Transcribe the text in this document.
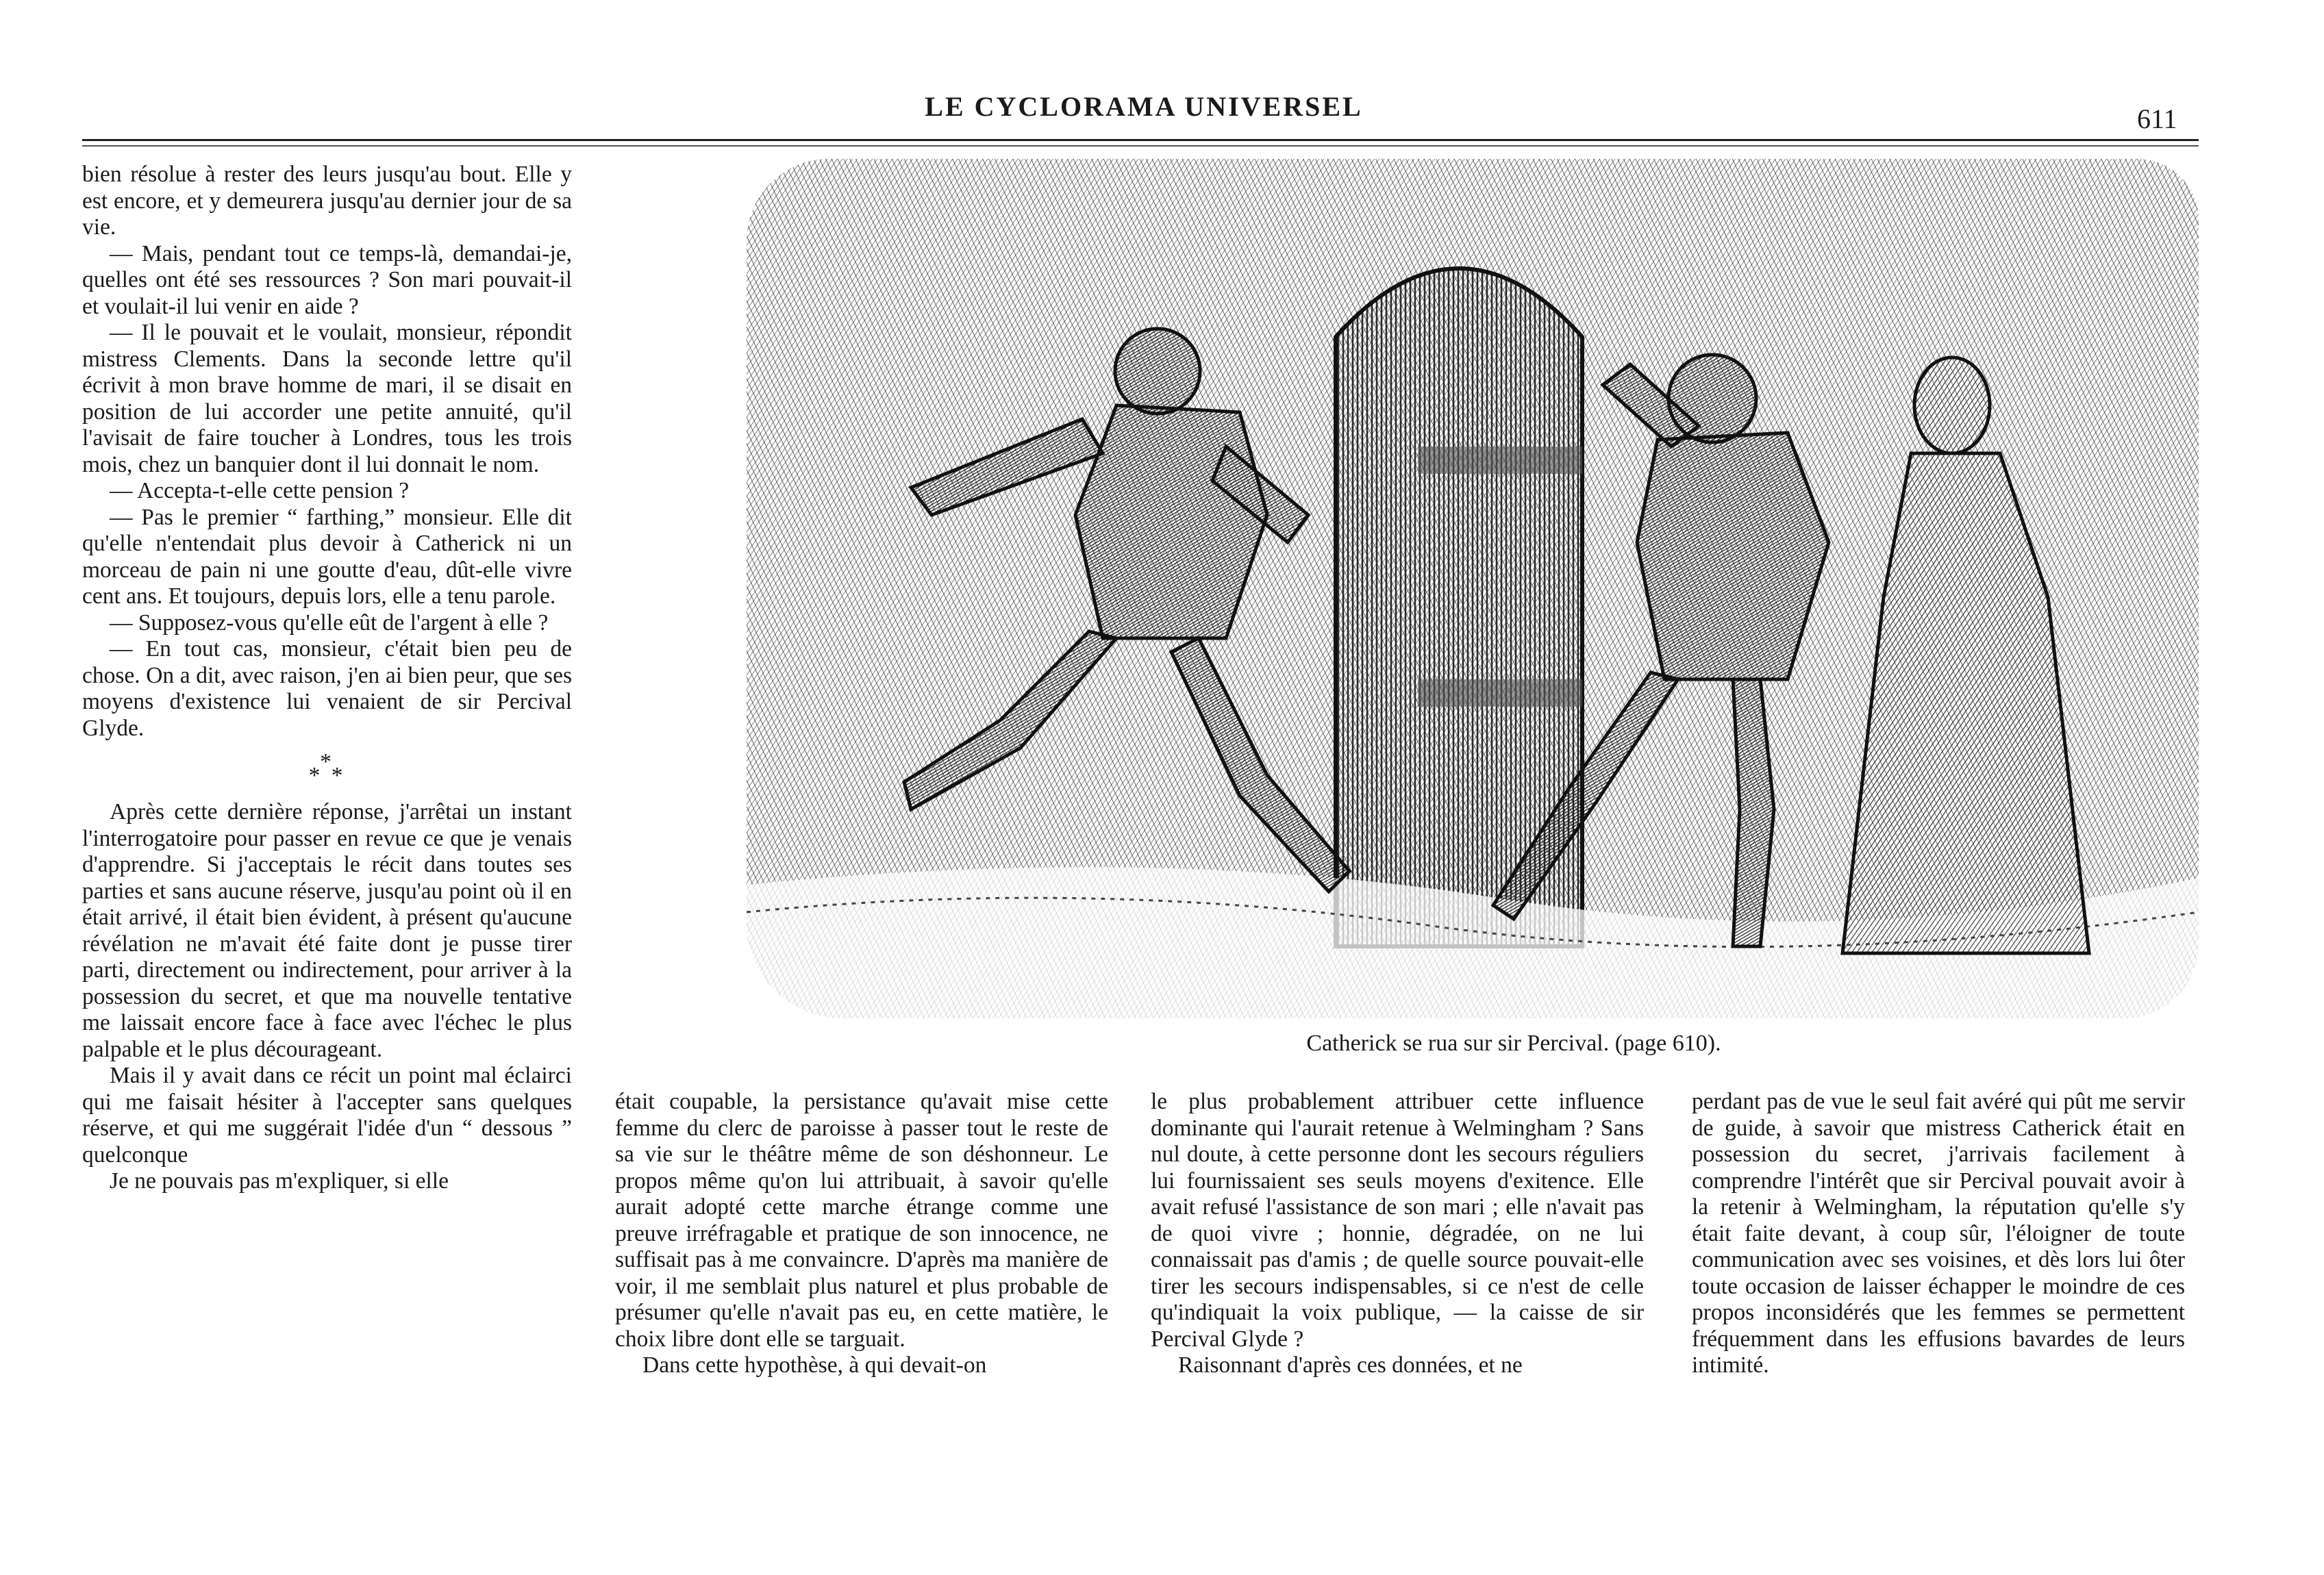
LE CYCLORAMA UNIVERSEL	611

bien résolue à rester des leurs jusqu'au bout. Elle y est encore, et y demeurera jusqu'au dernier jour de sa vie.

— Mais, pendant tout ce temps-là, demandai-je, quelles ont été ses ressources ? Son mari pouvait-il et voulait-il lui venir en aide ?

— Il le pouvait et le voulait, monsieur, répondit mistress Clements. Dans la seconde lettre qu'il écrivit à mon brave homme de mari, il se disait en position de lui accorder une petite annuité, qu'il l'avisait de faire toucher à Londres, tous les trois mois, chez un banquier dont il lui donnait le nom.

— Accepta-t-elle cette pension ?

— Pas le premier “ farthing,” monsieur. Elle dit qu'elle n'entendait plus devoir à Catherick ni un morceau de pain ni une goutte d'eau, dût-elle vivre cent ans. Et toujours, depuis lors, elle a tenu parole.

— Supposez-vous qu'elle eût de l'argent à elle ?

— En tout cas, monsieur, c'était bien peu de chose. On a dit, avec raison, j'en ai bien peur, que ses moyens d'existence lui venaient de sir Percival Glyde.

*
* *

Après cette dernière réponse, j'arrêtai un instant l'interrogatoire pour passer en revue ce que je venais d'apprendre. Si j'acceptais le récit dans toutes ses parties et sans aucune réserve, jusqu'au point où il en était arrivé, il était bien évident, à présent qu'aucune révélation ne m'avait été faite dont je pusse tirer parti, directement ou indirectement, pour arriver à la possession du secret, et que ma nouvelle tentative me laissait encore face à face avec l'échec le plus palpable et le plus décourageant.

Mais il y avait dans ce récit un point mal éclairci qui me faisait hésiter à l'accepter sans quelques réserve, et qui me suggérait l'idée d'un “ dessous ” quelconque

Je ne pouvais pas m'expliquer, si elle

Catherick se rua sur sir Percival. (page 610).

était coupable, la persistance qu'avait mise cette femme du clerc de paroisse à passer tout le reste de sa vie sur le théâtre même de son déshonneur. Le propos même qu'on lui attribuait, à savoir qu'elle aurait adopté cette marche étrange comme une preuve irréfragable et pratique de son innocence, ne suffisait pas à me convaincre. D'après ma manière de voir, il me semblait plus naturel et plus probable de présumer qu'elle n'avait pas eu, en cette matière, le choix libre dont elle se targuait.

Dans cette hypothèse, à qui devait-on

le plus probablement attribuer cette influence dominante qui l'aurait retenue à Welmingham ? Sans nul doute, à cette personne dont les secours réguliers lui fournissaient ses seuls moyens d'exitence. Elle avait refusé l'assistance de son mari ; elle n'avait pas de quoi vivre ; honnie, dégradée, on ne lui connaissait pas d'amis ; de quelle source pouvait-elle tirer les secours indispensables, si ce n'est de celle qu'indiquait la voix publique, — la caisse de sir Percival Glyde ?

Raisonnant d'après ces données, et ne

perdant pas de vue le seul fait avéré qui pût me servir de guide, à savoir que mistress Catherick était en possession du secret, j'arrivais facilement à comprendre l'intérêt que sir Percival pouvait avoir à la retenir à Welmingham, la réputation qu'elle s'y était faite devant, à coup sûr, l'éloigner de toute communication avec ses voisines, et dès lors lui ôter toute occasion de laisser échapper le moindre de ces propos inconsidérés que les femmes se permettent fréquemment dans les effusions bavardes de leurs intimité.
